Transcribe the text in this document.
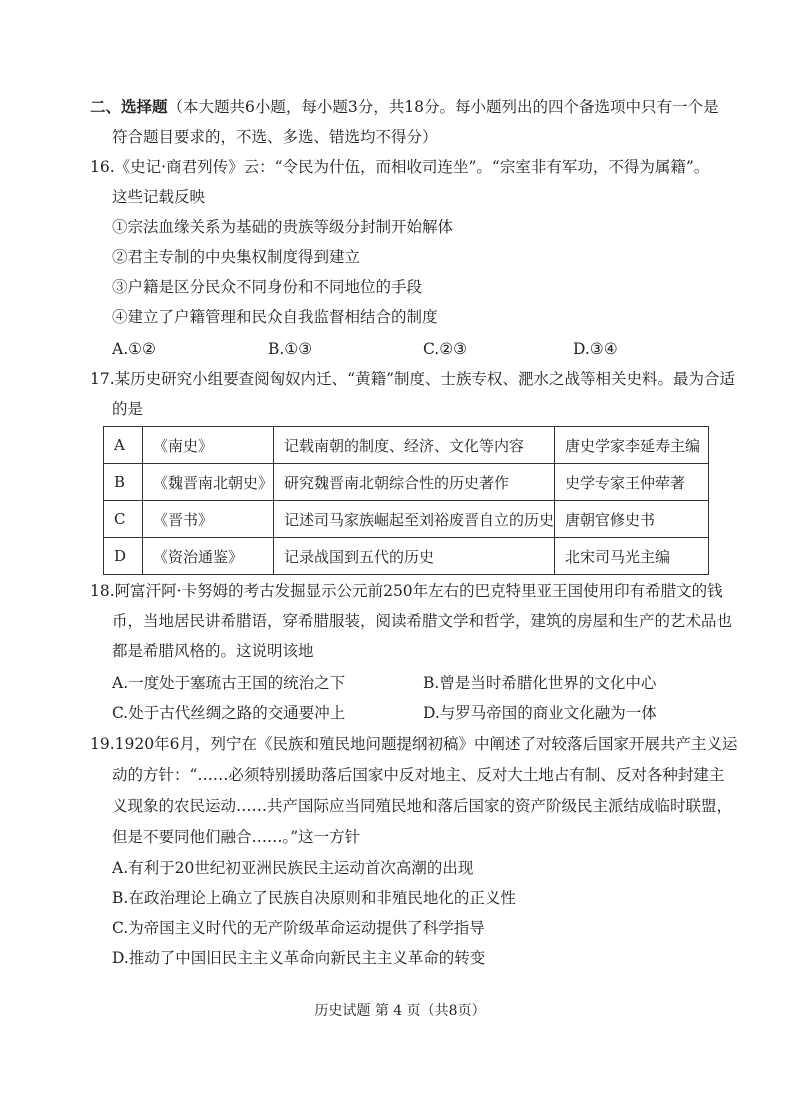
二、选择题（本大题共6小题，每小题3分，共18分。每小题列出的四个备选项中只有一个是
符合题目要求的，不选、多选、错选均不得分）
16.《史记·商君列传》云：“令民为什伍，而相收司连坐”。“宗室非有军功，不得为属籍”。
这些记载反映
①宗法血缘关系为基础的贵族等级分封制开始解体
②君主专制的中央集权制度得到建立
③户籍是区分民众不同身份和不同地位的手段
④建立了户籍管理和民众自我监督相结合的制度
A.①②	B.①③	C.②③	D.③④
17.某历史研究小组要查阅匈奴内迁、“黄籍”制度、士族专权、淝水之战等相关史料。最为合适
的是
A	《南史》	记载南朝的制度、经济、文化等内容	唐史学家李延寿主编
B	《魏晋南北朝史》	研究魏晋南北朝综合性的历史著作	史学专家王仲荦著
C	《晋书》	记述司马家族崛起至刘裕废晋自立的历史	唐朝官修史书
D	《资治通鉴》	记录战国到五代的历史	北宋司马光主编
18.阿富汗阿·卡努姆的考古发掘显示公元前250年左右的巴克特里亚王国使用印有希腊文的钱
币，当地居民讲希腊语，穿希腊服装，阅读希腊文学和哲学，建筑的房屋和生产的艺术品也
都是希腊风格的。这说明该地
A.一度处于塞琉古王国的统治之下	B.曾是当时希腊化世界的文化中心
C.处于古代丝绸之路的交通要冲上	D.与罗马帝国的商业文化融为一体
19.1920年6月，列宁在《民族和殖民地问题提纲初稿》中阐述了对较落后国家开展共产主义运
动的方针：“……必须特别援助落后国家中反对地主、反对大土地占有制、反对各种封建主
义现象的农民运动……共产国际应当同殖民地和落后国家的资产阶级民主派结成临时联盟，
但是不要同他们融合……。”这一方针
A.有利于20世纪初亚洲民族民主运动首次高潮的出现
B.在政治理论上确立了民族自决原则和非殖民地化的正义性
C.为帝国主义时代的无产阶级革命运动提供了科学指导
D.推动了中国旧民主主义革命向新民主主义革命的转变
历史试题 第 4 页（共8页）
